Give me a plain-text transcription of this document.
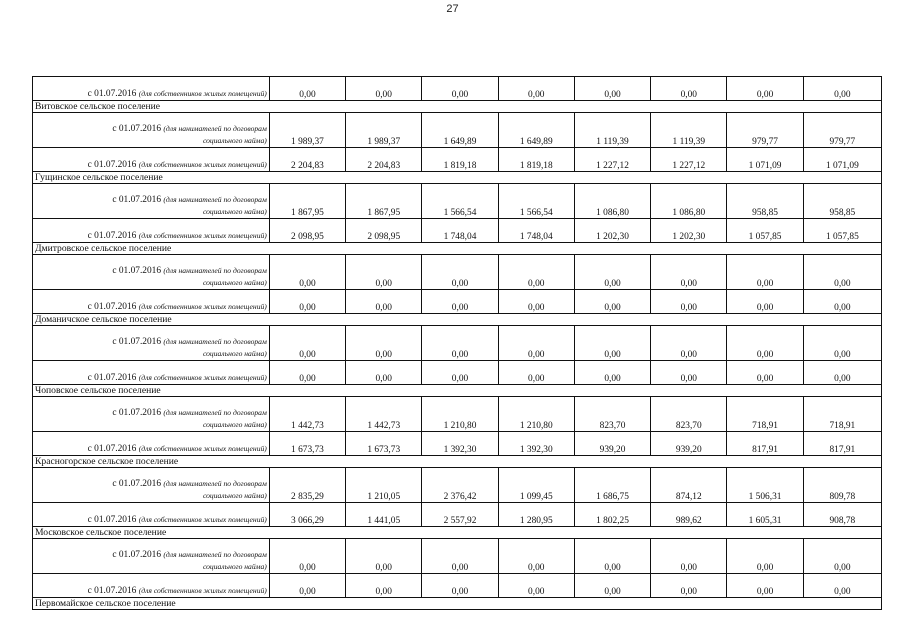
27
с 01.07.2016 (для собственников жилых помещений)	0,00	0,00	0,00	0,00	0,00	0,00	0,00	0,00
Витовское сельское поселение								

с 01.07.2016 (для нанимателей по договорам
социального найма)	1 989,37	1 989,37	1 649,89	1 649,89	1 119,39	1 119,39	979,77	979,77
с 01.07.2016 (для собственников жилых помещений)	2 204,83	2 204,83	1 819,18	1 819,18	1 227,12	1 227,12	1 071,09	1 071,09
Гущинское сельское поселение								

с 01.07.2016 (для нанимателей по договорам
социального найма)	1 867,95	1 867,95	1 566,54	1 566,54	1 086,80	1 086,80	958,85	958,85
с 01.07.2016 (для собственников жилых помещений)	2 098,95	2 098,95	1 748,04	1 748,04	1 202,30	1 202,30	1 057,85	1 057,85
Дмитровское сельское поселение								

с 01.07.2016 (для нанимателей по договорам
социального найма)	0,00	0,00	0,00	0,00	0,00	0,00	0,00	0,00
с 01.07.2016 (для собственников жилых помещений)	0,00	0,00	0,00	0,00	0,00	0,00	0,00	0,00
Доманичское сельское поселение								

с 01.07.2016 (для нанимателей по договорам
социального найма)	0,00	0,00	0,00	0,00	0,00	0,00	0,00	0,00
с 01.07.2016 (для собственников жилых помещений)	0,00	0,00	0,00	0,00	0,00	0,00	0,00	0,00
Чоповское сельское поселение								

с 01.07.2016 (для нанимателей по договорам
социального найма)	1 442,73	1 442,73	1 210,80	1 210,80	823,70	823,70	718,91	718,91
с 01.07.2016 (для собственников жилых помещений)	1 673,73	1 673,73	1 392,30	1 392,30	939,20	939,20	817,91	817,91
Красногорское сельское поселение								

с 01.07.2016 (для нанимателей по договорам
социального найма)	2 835,29	1 210,05	2 376,42	1 099,45	1 686,75	874,12	1 506,31	809,78
с 01.07.2016 (для собственников жилых помещений)	3 066,29	1 441,05	2 557,92	1 280,95	1 802,25	989,62	1 605,31	908,78
Московское сельское поселение								

с 01.07.2016 (для нанимателей по договорам
социального найма)	0,00	0,00	0,00	0,00	0,00	0,00	0,00	0,00
с 01.07.2016 (для собственников жилых помещений)	0,00	0,00	0,00	0,00	0,00	0,00	0,00	0,00
Первомайское сельское поселение								
